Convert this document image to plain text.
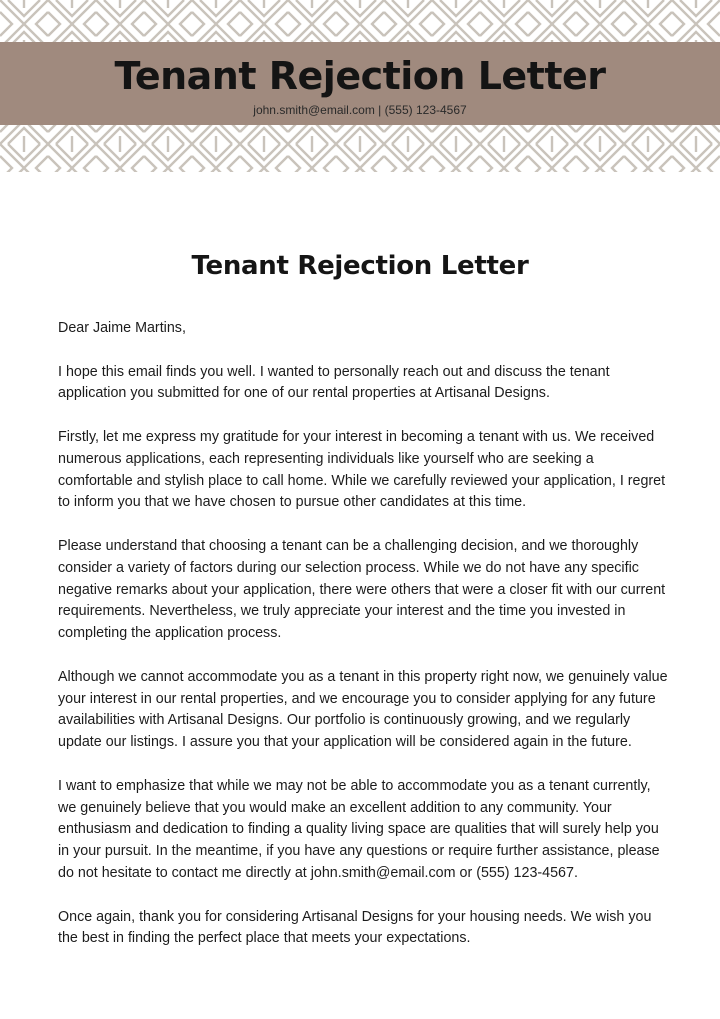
Tenant Rejection Letter
john.smith@email.com | (555) 123-4567
Tenant Rejection Letter

Dear Jaime Martins,

I hope this email finds you well. I wanted to personally reach out and discuss the tenant application you submitted for one of our rental properties at Artisanal Designs.

Firstly, let me express my gratitude for your interest in becoming a tenant with us. We received numerous applications, each representing individuals like yourself who are seeking a comfortable and stylish place to call home. While we carefully reviewed your application, I regret to inform you that we have chosen to pursue other candidates at this time.

Please understand that choosing a tenant can be a challenging decision, and we thoroughly consider a variety of factors during our selection process. While we do not have any specific negative remarks about your application, there were others that were a closer fit with our current requirements. Nevertheless, we truly appreciate your interest and the time you invested in completing the application process.

Although we cannot accommodate you as a tenant in this property right now, we genuinely value your interest in our rental properties, and we encourage you to consider applying for any future availabilities with Artisanal Designs. Our portfolio is continuously growing, and we regularly update our listings. I assure you that your application will be considered again in the future.

I want to emphasize that while we may not be able to accommodate you as a tenant currently, we genuinely believe that you would make an excellent addition to any community. Your enthusiasm and dedication to finding a quality living space are qualities that will surely help you in your pursuit. In the meantime, if you have any questions or require further assistance, please do not hesitate to contact me directly at john.smith@email.com or (555) 123-4567.

Once again, thank you for considering Artisanal Designs for your housing needs. We wish you the best in finding the perfect place that meets your expectations.
